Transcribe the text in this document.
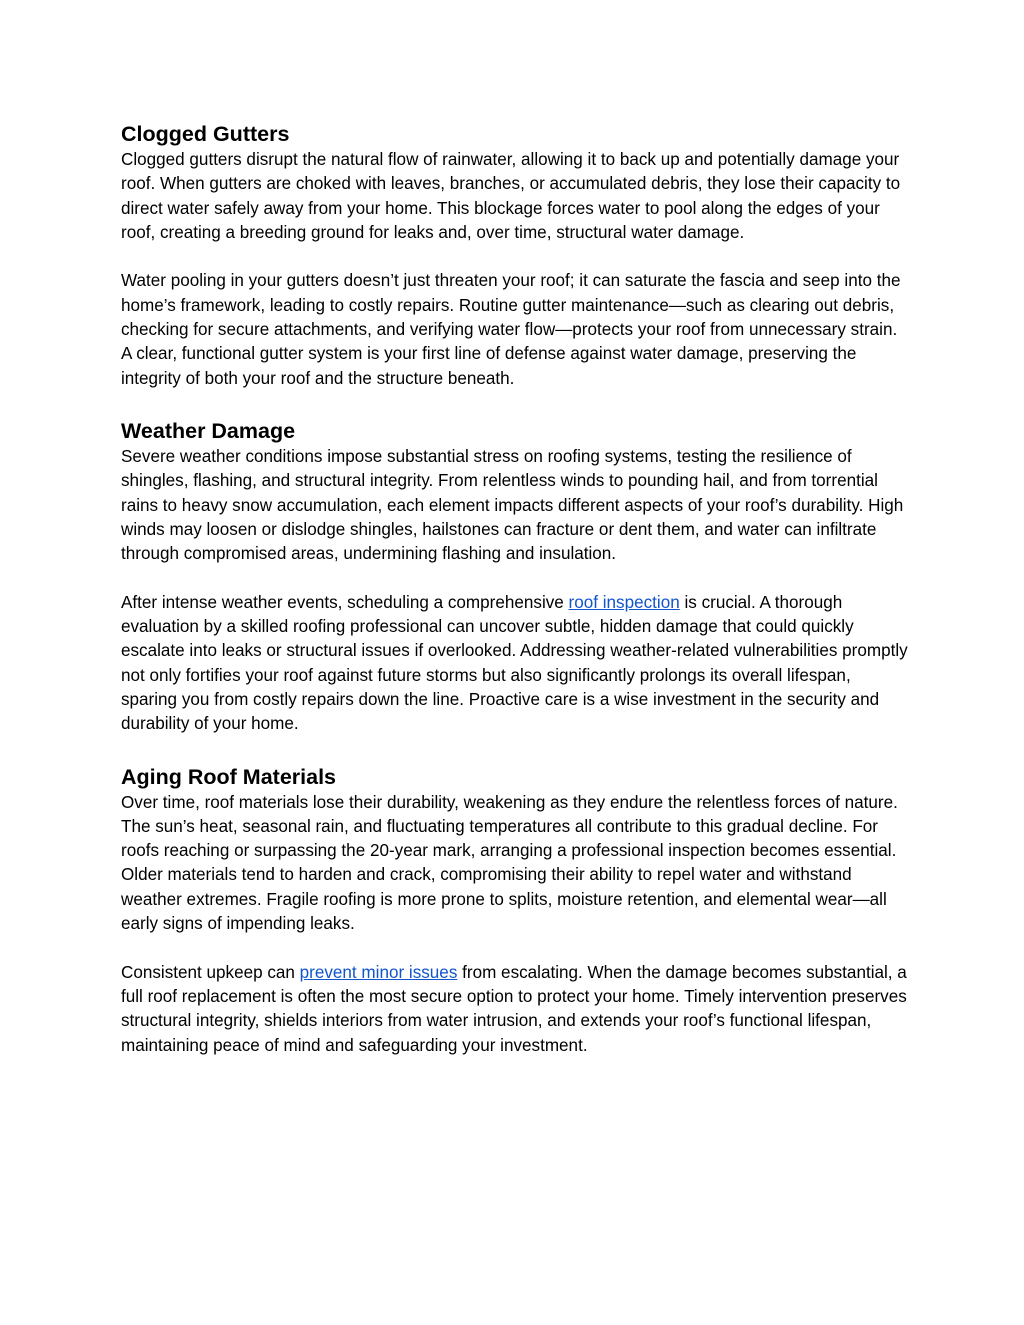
Clogged Gutters

Clogged gutters disrupt the natural flow of rainwater, allowing it to back up and potentially damage your roof. When gutters are choked with leaves, branches, or accumulated debris, they lose their capacity to direct water safely away from your home. This blockage forces water to pool along the edges of your roof, creating a breeding ground for leaks and, over time, structural water damage.

Water pooling in your gutters doesn’t just threaten your roof; it can saturate the fascia and seep into the home’s framework, leading to costly repairs. Routine gutter maintenance—such as clearing out debris, checking for secure attachments, and verifying water flow—protects your roof from unnecessary strain. A clear, functional gutter system is your first line of defense against water damage, preserving the integrity of both your roof and the structure beneath.

Weather Damage

Severe weather conditions impose substantial stress on roofing systems, testing the resilience of shingles, flashing, and structural integrity. From relentless winds to pounding hail, and from torrential rains to heavy snow accumulation, each element impacts different aspects of your roof’s durability. High winds may loosen or dislodge shingles, hailstones can fracture or dent them, and water can infiltrate through compromised areas, undermining flashing and insulation.

After intense weather events, scheduling a comprehensive roof inspection is crucial. A thorough evaluation by a skilled roofing professional can uncover subtle, hidden damage that could quickly escalate into leaks or structural issues if overlooked. Addressing weather-related vulnerabilities promptly not only fortifies your roof against future storms but also significantly prolongs its overall lifespan, sparing you from costly repairs down the line. Proactive care is a wise investment in the security and durability of your home.

Aging Roof Materials

Over time, roof materials lose their durability, weakening as they endure the relentless forces of nature. The sun’s heat, seasonal rain, and fluctuating temperatures all contribute to this gradual decline. For roofs reaching or surpassing the 20-year mark, arranging a professional inspection becomes essential. Older materials tend to harden and crack, compromising their ability to repel water and withstand weather extremes. Fragile roofing is more prone to splits, moisture retention, and elemental wear—all early signs of impending leaks.

Consistent upkeep can prevent minor issues from escalating. When the damage becomes substantial, a full roof replacement is often the most secure option to protect your home. Timely intervention preserves structural integrity, shields interiors from water intrusion, and extends your roof’s functional lifespan, maintaining peace of mind and safeguarding your investment.
